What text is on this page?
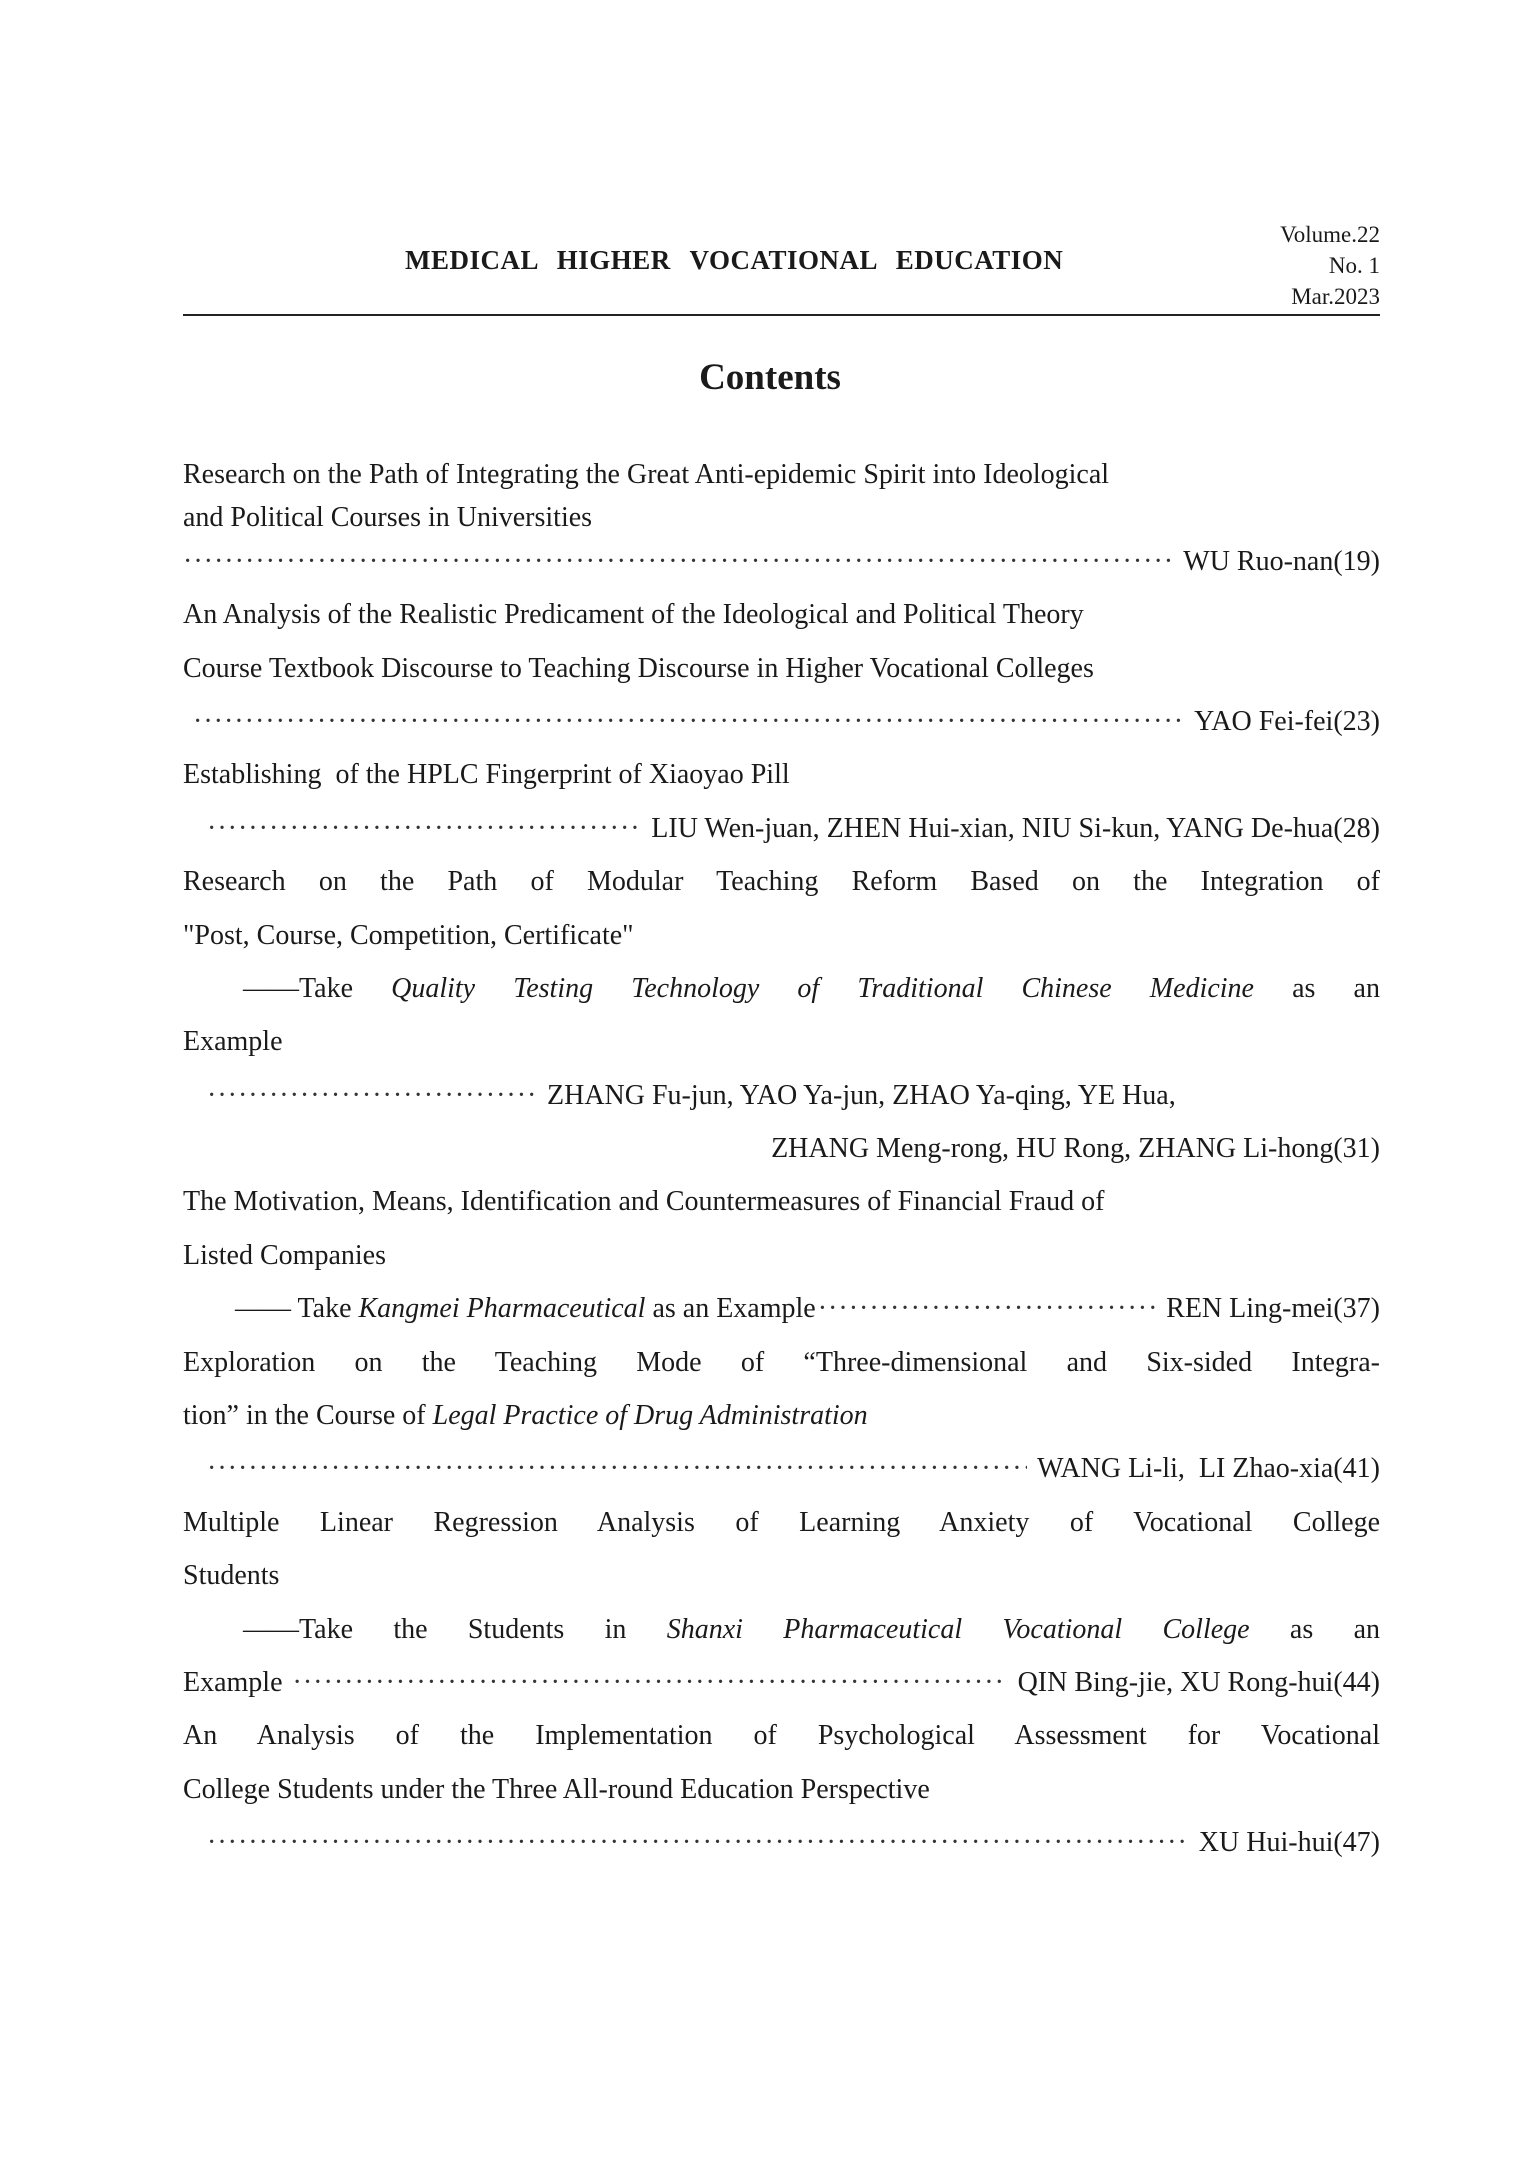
MEDICAL HIGHER VOCATIONAL EDUCATION
Volume.22
No. 1
Mar.2023
Contents
Research on the Path of Integrating the Great Anti-epidemic Spirit into Ideological
and Political Courses in Universities
·····
WU Ruo-nan ( 19 )
An Analysis of the Realistic Predicament of the Ideological and Political Theory
Course Textbook Discourse to Teaching Discourse in Higher Vocational Colleges
·····
YAO Fei-fei ( 23 )
Establishing  of the HPLC Fingerprint of Xiaoyao Pill
·····
LIU Wen-juan, ZHEN Hui-xian, NIU Si-kun, YANG De-hua ( 28 )
Research on the Path of Modular Teaching Reform Based on the Integration of
"Post, Course, Competition, Certificate"
——Take Quality Testing Technology of Traditional Chinese Medicine as an
Example
·····
ZHANG Fu-jun, YAO Ya-jun, ZHAO Ya-qing, YE Hua,
ZHANG Meng-rong, HU Rong, ZHANG Li-hong(31)
The Motivation, Means, Identification and Countermeasures of Financial Fraud of
Listed Companies
—— Take Kangmei Pharmaceutical as an Example ·····	REN Ling-mei ( 37 )
Exploration on the Teaching Mode of “Three-dimensional and Six-sided Integra-
tion” in the Course of Legal Practice of Drug Administration
·····
WANG Li-li,  LI Zhao-xia ( 41 )
Multiple Linear Regression Analysis of Learning Anxiety of Vocational College
Students
——Take the Students in Shanxi Pharmaceutical Vocational College as an
Example ·····	QIN Bing-jie, XU Rong-hui ( 44 )
An Analysis of the Implementation of Psychological Assessment for Vocational
College Students under the Three All-round Education Perspective
·····
XU Hui-hui ( 47 )
